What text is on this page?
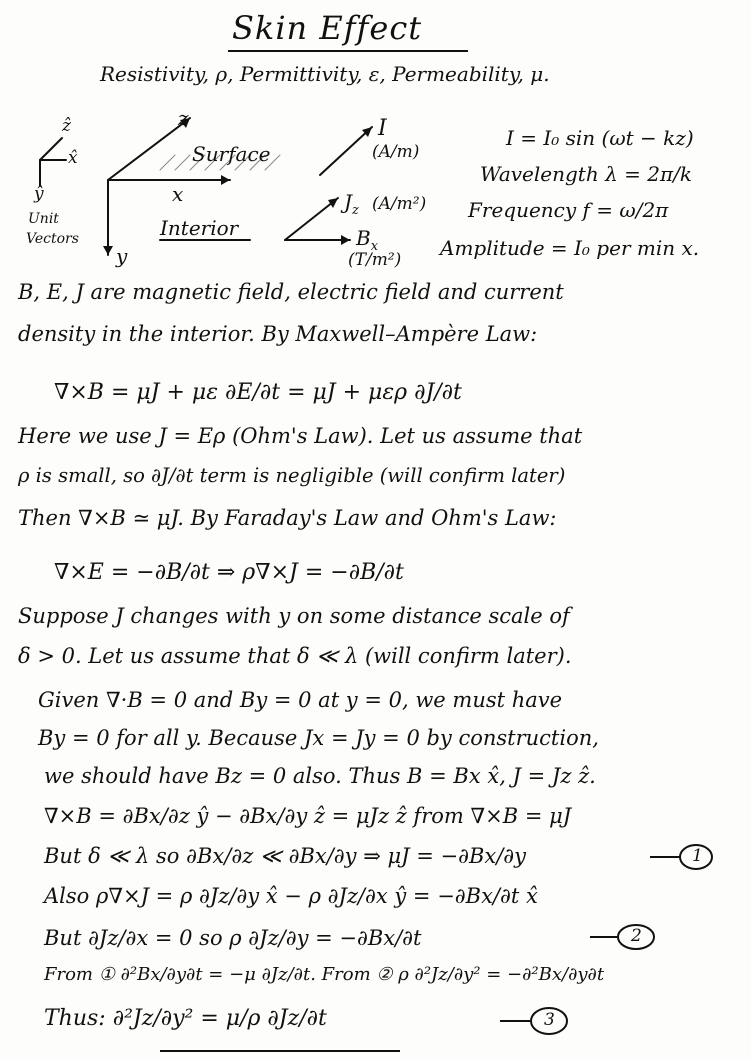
Skin Effect
Resistivity, ρ, Permittivity, ε, Permeability, μ.
ẑ
x̂
ŷ
Unit
Vectors
z
Surface
x
Interior
y
I
(A/m)
$J_z$ (A/m²)
$B_x$
(T/m²)
I = I₀ sin (ωt − kz)
Wavelength λ = 2π/k
Frequency f = ω/2π
Amplitude = I₀ per min x.
B, E, J are magnetic field, electric field and current
density in the interior. By Maxwell–Ampère Law:
∇×B = μJ + με ∂E/∂t = μJ + μερ ∂J/∂t
Here we use J = Eρ (Ohm's Law). Let us assume that
ρ is small, so ∂J/∂t term is negligible (will confirm later)
Then ∇×B ≃ μJ. By Faraday's Law and Ohm's Law:
∇×E = −∂B/∂t ⇒ ρ∇×J = −∂B/∂t
Suppose J changes with y on some distance scale of
δ > 0. Let us assume that δ ≪ λ (will confirm later).
Given ∇·B = 0 and By = 0 at y = 0, we must have
By = 0 for all y. Because Jx = Jy = 0 by construction,
we should have Bz = 0 also. Thus B = Bx x̂, J = Jz ẑ.
∇×B = ∂Bx/∂z ŷ − ∂Bx/∂y ẑ = μJz ẑ from ∇×B = μJ
But δ ≪ λ so ∂Bx/∂z ≪ ∂Bx/∂y ⇒ μJ = −∂Bx/∂y
Also ρ∇×J = ρ ∂Jz/∂y x̂ − ρ ∂Jz/∂x ŷ = −∂Bx/∂t x̂
But ∂Jz/∂x = 0 so ρ ∂Jz/∂y = −∂Bx/∂t
From ① ∂²Bx/∂y∂t = −μ ∂Jz/∂t. From ② ρ ∂²Jz/∂y² = −∂²Bx/∂y∂t
Thus: ∂²Jz/∂y² = μ/ρ ∂Jz/∂t
1
2
3
